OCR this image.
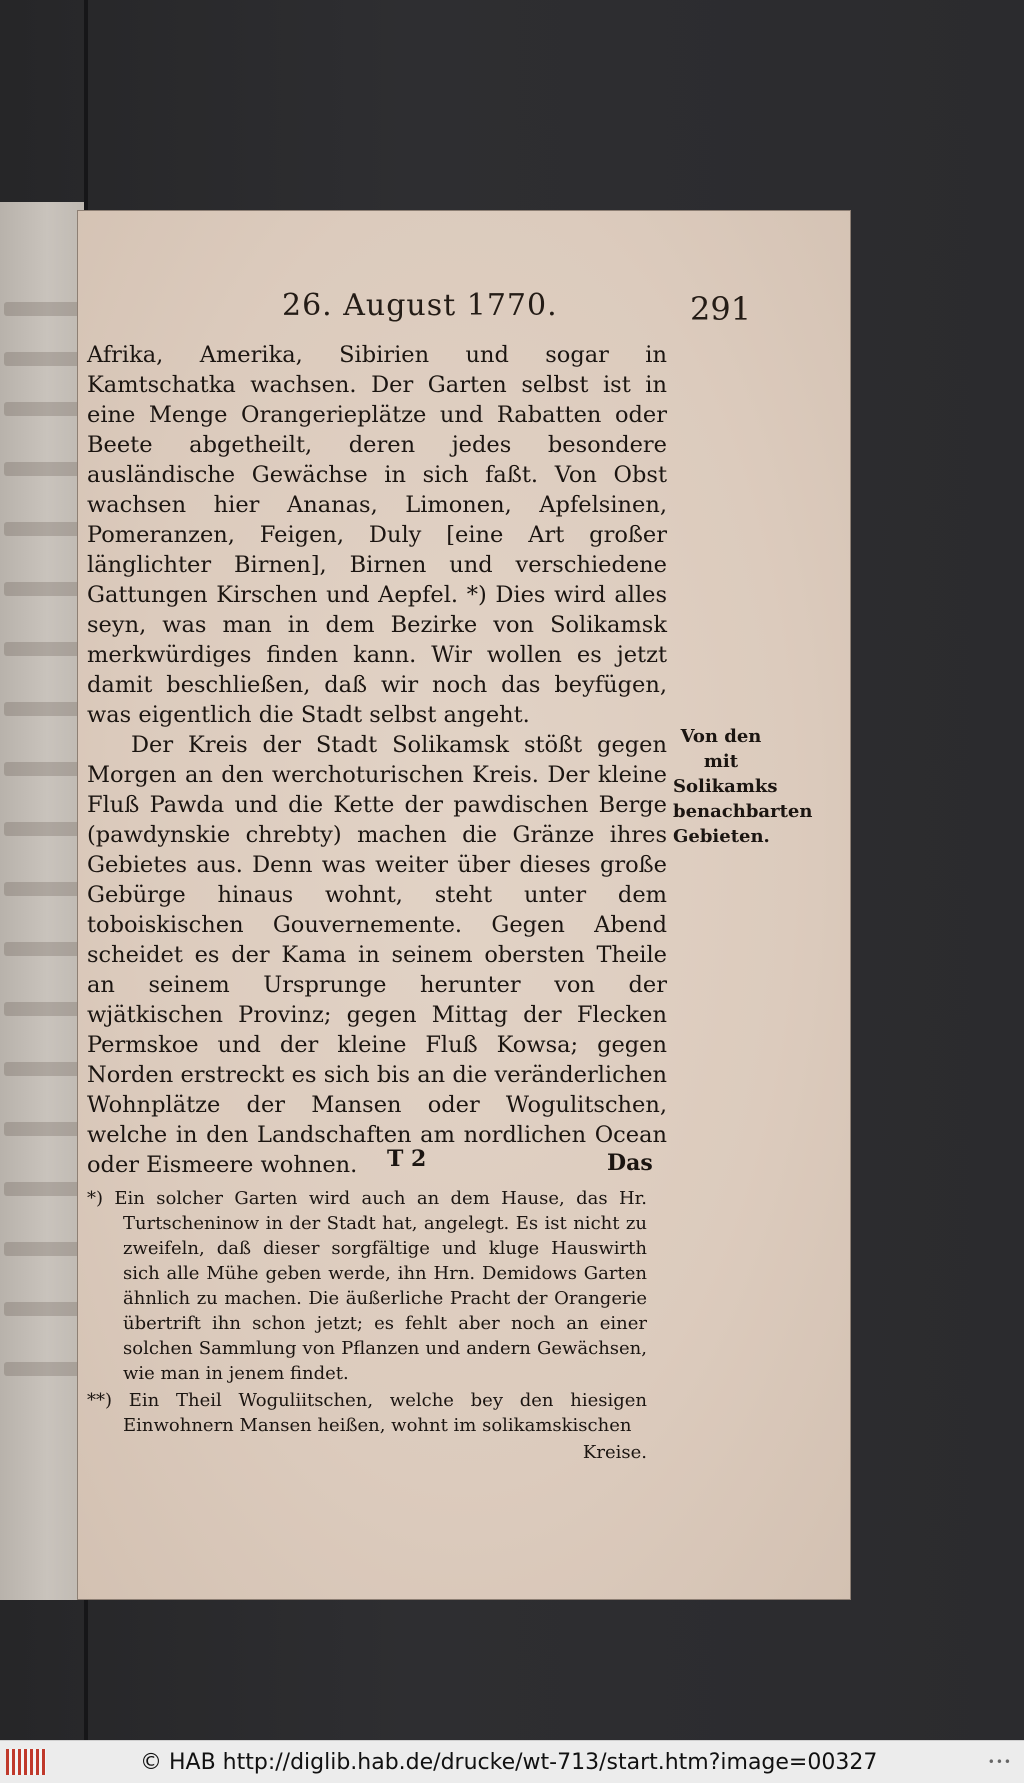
26. August 1770.	291

Afrika, Amerika, Sibirien und sogar in Kamtschatka wachsen. Der Garten selbst ist in eine Menge Orangerieplätze und Rabatten oder Beete abgetheilt, deren jedes besondere ausländische Gewächse in sich faßt. Von Obst wachsen hier Ananas, Limonen, Apfelsinen, Pomeranzen, Feigen, Duly [eine Art großer länglichter Birnen], Birnen und verschiedene Gattungen Kirschen und Aepfel. *) Dies wird alles seyn, was man in dem Bezirke von Solikamsk merkwürdiges finden kann. Wir wollen es jetzt damit beschließen, daß wir noch das beyfügen, was eigentlich die Stadt selbst angeht.

Der Kreis der Stadt Solikamsk stößt gegen Morgen an den werchoturischen Kreis. Der kleine Fluß Pawda und die Kette der pawdischen Berge (pawdynskie chrebty) machen die Gränze ihres Gebietes aus. Denn was weiter über dieses große Gebürge hinaus wohnt, steht unter dem toboiskischen Gouvernemente. Gegen Abend scheidet es der Kama in seinem obersten Theile an seinem Ursprunge herunter von der wjätkischen Provinz; gegen Mittag der Flecken Permskoe und der kleine Fluß Kowsa; gegen Norden erstreckt es sich bis an die veränderlichen Wohnplätze der Mansen oder Wogulitschen, welche in den Landschaften am nordlichen Ocean oder Eismeere wohnen.

Von den mit Solikamks benachbarten Gebieten.
T 2	Das

*) Ein solcher Garten wird auch an dem Hause, das Hr. Turtscheninow in der Stadt hat, angelegt. Es ist nicht zu zweifeln, daß dieser sorgfältige und kluge Hauswirth sich alle Mühe geben werde, ihn Hrn. Demidows Garten ähnlich zu machen. Die äußerliche Pracht der Orangerie übertrift ihn schon jetzt; es fehlt aber noch an einer solchen Sammlung von Pflanzen und andern Gewächsen, wie man in jenem findet.

**) Ein Theil Woguliitschen, welche bey den hiesigen Einwohnern Mansen heißen, wohnt im solikamskischen

Kreise.

© HAB http://diglib.hab.de/drucke/wt-713/start.htm?image=00327	•••
